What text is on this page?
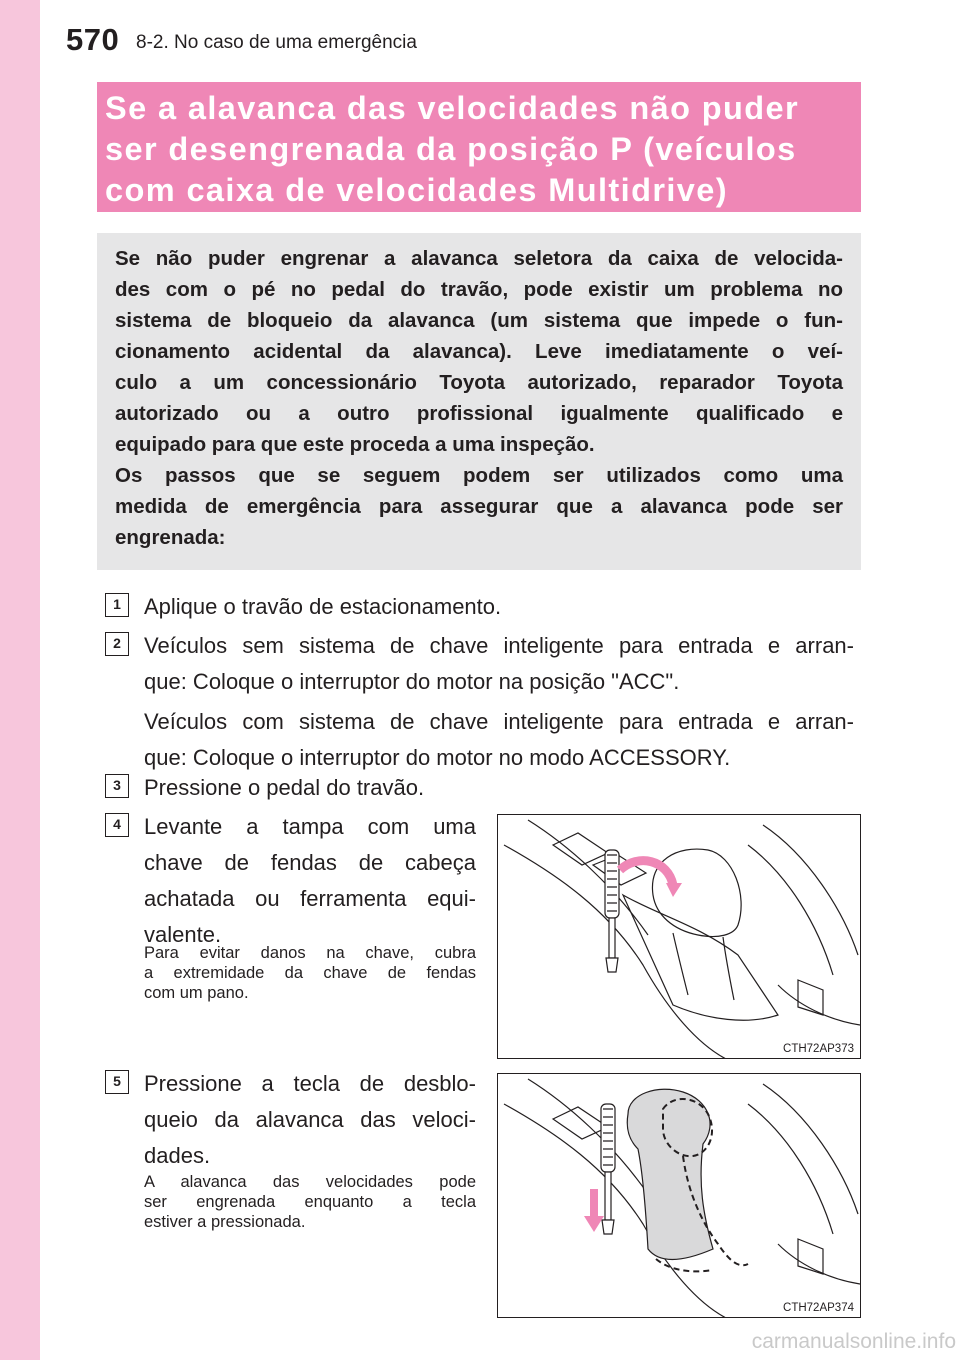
570 8-2. No caso de uma emergência
Se a alavanca das velocidades não puder
ser desengrenada da posição P (veículos
com caixa de velocidades Multidrive)
Se não puder engrenar a alavanca seletora da caixa de velocida-
des com o pé no pedal do travão, pode existir um problema no
sistema de bloqueio da alavanca (um sistema que impede o fun-
cionamento acidental da alavanca). Leve imediatamente o veí-
culo a um concessionário Toyota autorizado, reparador Toyota
autorizado ou a outro profissional igualmente qualificado e
equipado para que este proceda a uma inspeção.
Os passos que se seguem podem ser utilizados como uma
medida de emergência para assegurar que a alavanca pode ser
engrenada:
1	Aplique o travão de estacionamento.
2	Veículos sem sistema de chave inteligente para entrada e arran-
que: Coloque o interruptor do motor na posição "ACC".
Veículos com sistema de chave inteligente para entrada e arran-
que: Coloque o interruptor do motor no modo ACCESSORY.
3	Pressione o pedal do travão.
4	Levante a tampa com uma
chave de fendas de cabeça
achatada ou ferramenta equi-
valente.
Para evitar danos na chave, cubra
a extremidade da chave de fendas
com um pano.
CTH72AP373
5	Pressione a tecla de desblo-
queio da alavanca das veloci-
dades.
A alavanca das velocidades pode
ser engrenada enquanto a tecla
estiver a pressionada.
CTH72AP374
carmanualsonline.info
